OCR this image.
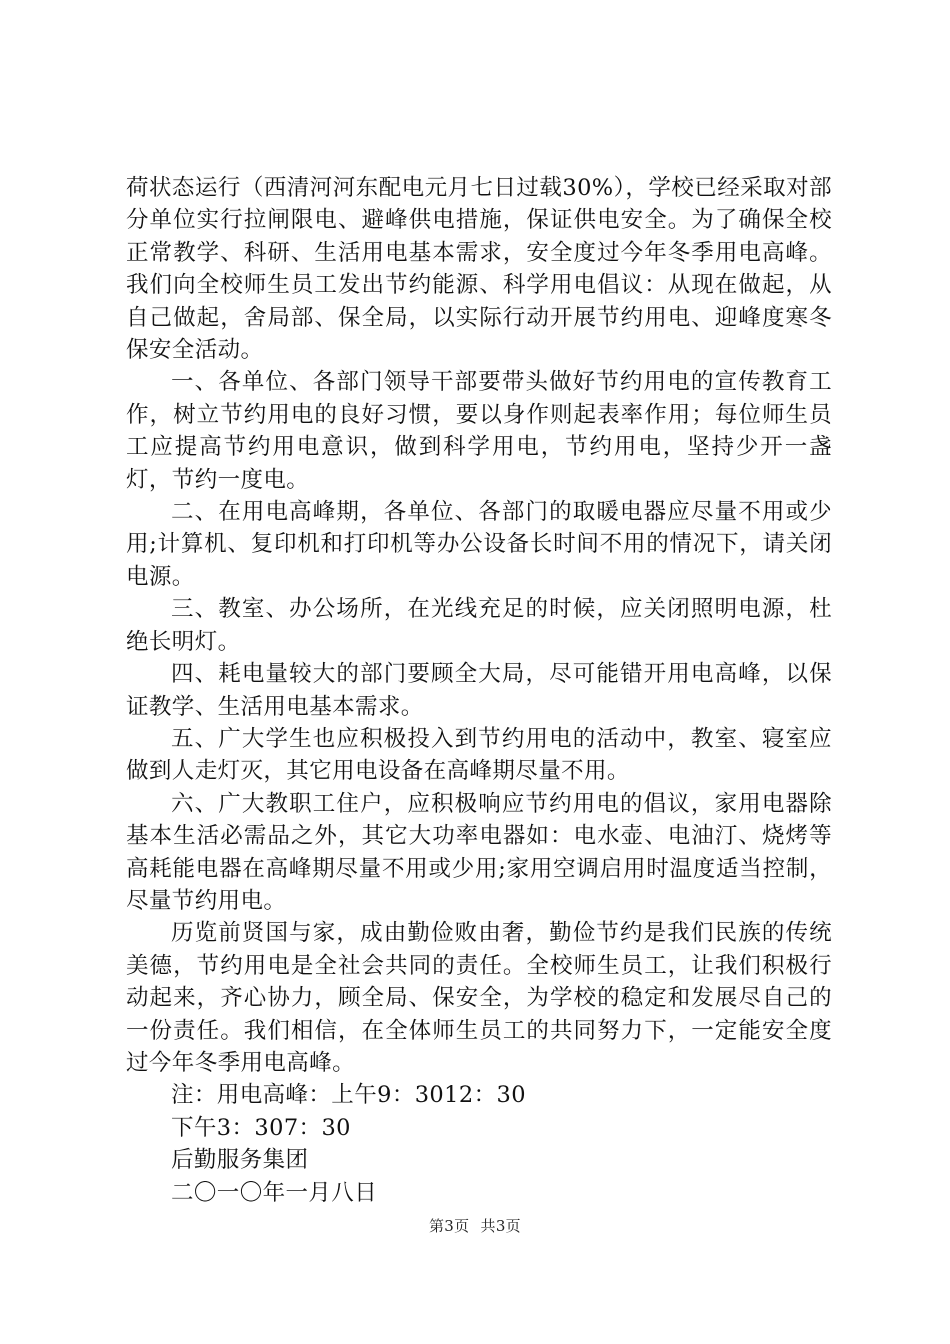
荷状态运行（西清河河东配电元月七日过载30%），学校已经采取对部分单位实行拉闸限电、避峰供电措施，保证供电安全。为了确保全校正常教学、科研、生活用电基本需求，安全度过今年冬季用电高峰。我们向全校师生员工发出节约能源、科学用电倡议：从现在做起，从自己做起，舍局部、保全局，以实际行动开展节约用电、迎峰度寒冬保安全活动。

一、各单位、各部门领导干部要带头做好节约用电的宣传教育工作，树立节约用电的良好习惯，要以身作则起表率作用；每位师生员工应提高节约用电意识，做到科学用电，节约用电，坚持少开一盏灯，节约一度电。

二、在用电高峰期，各单位、各部门的取暖电器应尽量不用或少用;计算机、复印机和打印机等办公设备长时间不用的情况下，请关闭电源。

三、教室、办公场所，在光线充足的时候，应关闭照明电源，杜绝长明灯。

四、耗电量较大的部门要顾全大局，尽可能错开用电高峰，以保证教学、生活用电基本需求。

五、广大学生也应积极投入到节约用电的活动中，教室、寝室应做到人走灯灭，其它用电设备在高峰期尽量不用。

六、广大教职工住户，应积极响应节约用电的倡议，家用电器除基本生活必需品之外，其它大功率电器如：电水壶、电油汀、烧烤等高耗能电器在高峰期尽量不用或少用;家用空调启用时温度适当控制，尽量节约用电。

历览前贤国与家，成由勤俭败由奢，勤俭节约是我们民族的传统美德，节约用电是全社会共同的责任。全校师生员工，让我们积极行动起来，齐心协力，顾全局、保安全，为学校的稳定和发展尽自己的一份责任。我们相信，在全体师生员工的共同努力下，一定能安全度过今年冬季用电高峰。

注：用电高峰：上午9：3012：30

下午3：307：30

后勤服务集团

二〇一〇年一月八日

第3页 共3页
